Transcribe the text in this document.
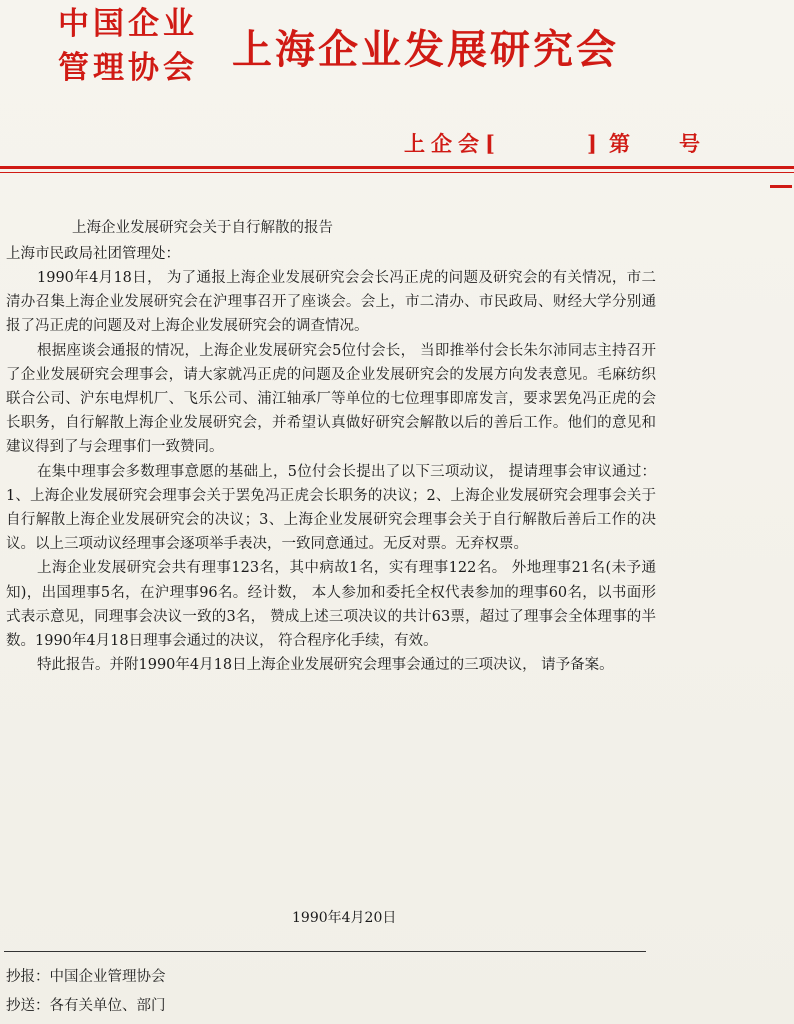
中国企业
管理协会 上海企业发展研究会
上企会[	] 第 号
上海企业发展研究会关于自行解散的报告
上海市民政局社团管理处：

1990年4月18日， 为了通报上海企业发展研究会会长冯正虎的问题及研究会的有关情况，市二清办召集上海企业发展研究会在沪理事召开了座谈会。会上，市二清办、市民政局、财经大学分别通报了冯正虎的问题及对上海企业发展研究会的调查情况。

根据座谈会通报的情况，上海企业发展研究会5位付会长， 当即推举付会长朱尔沛同志主持召开了企业发展研究会理事会，请大家就冯正虎的问题及企业发展研究会的发展方向发表意见。毛麻纺织联合公司、沪东电焊机厂、飞乐公司、浦江轴承厂等单位的七位理事即席发言，要求罢免冯正虎的会长职务，自行解散上海企业发展研究会，并希望认真做好研究会解散以后的善后工作。他们的意见和建议得到了与会理事们一致赞同。

在集中理事会多数理事意愿的基础上，5位付会长提出了以下三项动议， 提请理事会审议通过：1、上海企业发展研究会理事会关于罢免冯正虎会长职务的决议；2、上海企业发展研究会理事会关于自行解散上海企业发展研究会的决议；3、上海企业发展研究会理事会关于自行解散后善后工作的决议。以上三项动议经理事会逐项举手表决，一致同意通过。无反对票。无弃权票。

上海企业发展研究会共有理事123名，其中病故1名，实有理事122名。 外地理事21名(未予通知)，出国理事5名，在沪理事96名。经计数， 本人参加和委托全权代表参加的理事60名，以书面形式表示意见，同理事会决议一致的3名， 赞成上述三项决议的共计63票，超过了理事会全体理事的半数。1990年4月18日理事会通过的决议， 符合程序化手续，有效。

特此报告。并附1990年4月18日上海企业发展研究会理事会通过的三项决议， 请予备案。

1990年4月20日
抄报：中国企业管理协会
抄送：各有关单位、部门
